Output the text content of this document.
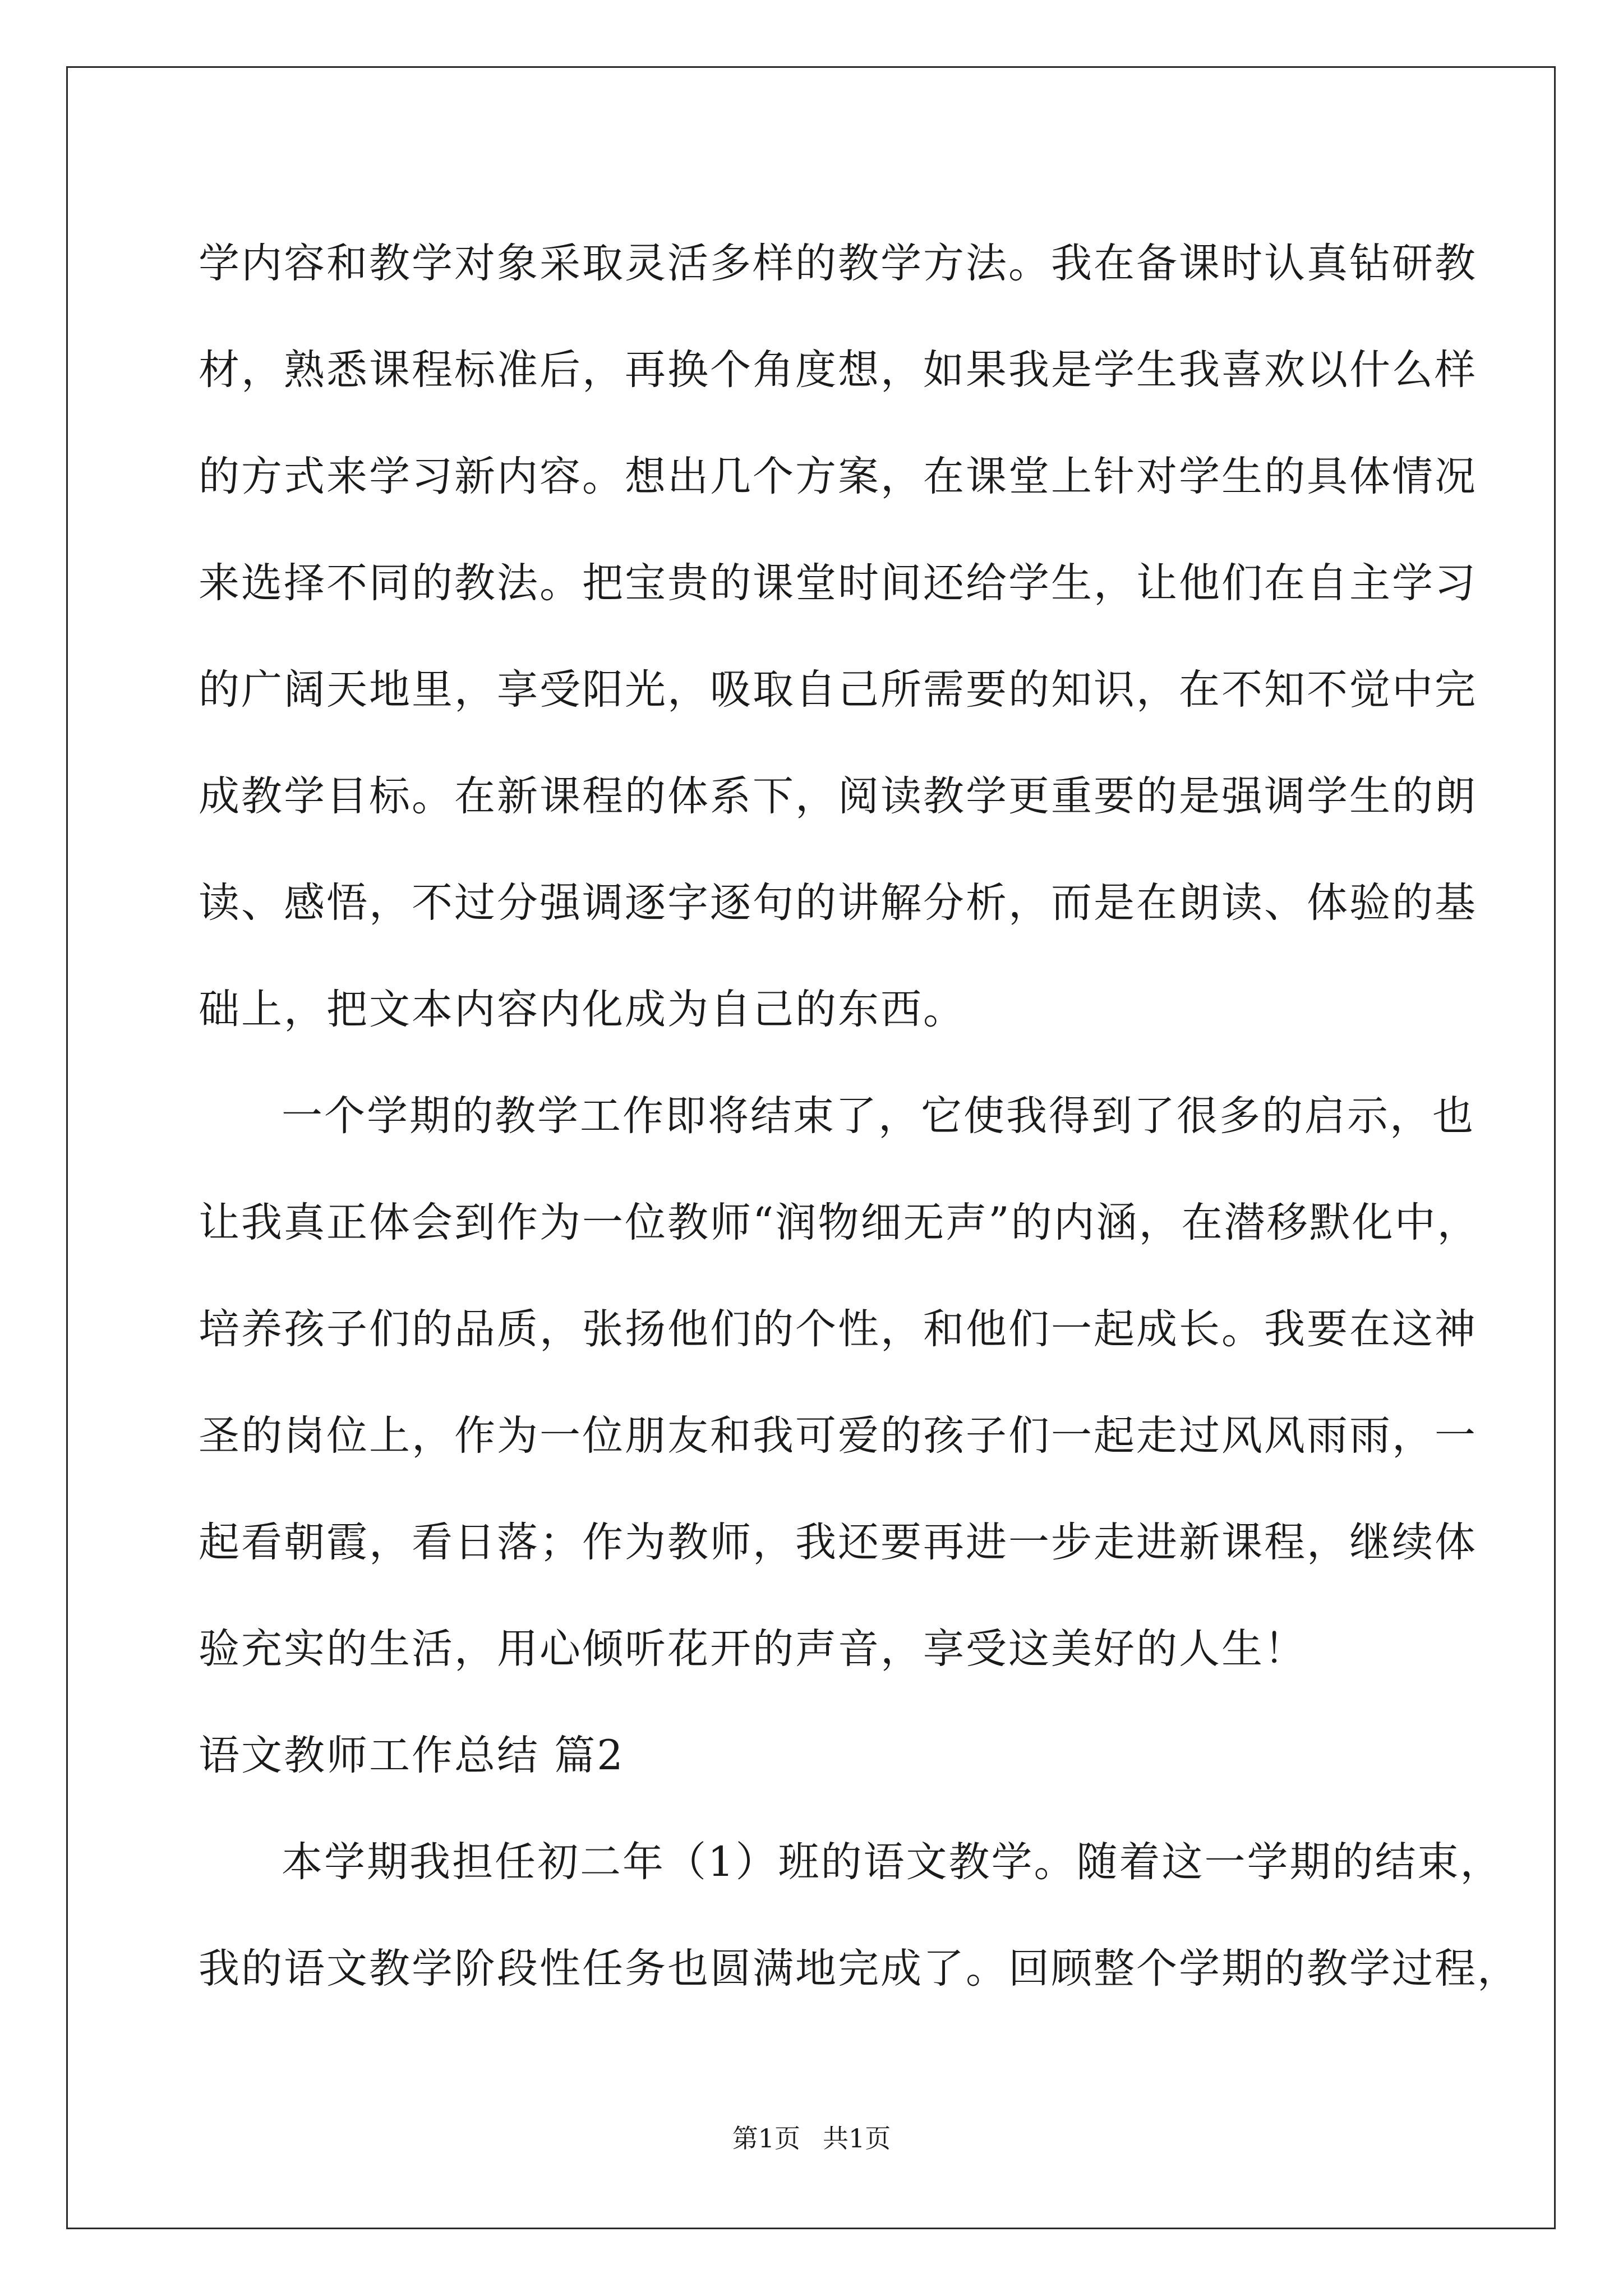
学内容和教学对象采取灵活多样的教学方法。我在备课时认真钻研教
材，熟悉课程标准后，再换个角度想，如果我是学生我喜欢以什么样
的方式来学习新内容。想出几个方案，在课堂上针对学生的具体情况
来选择不同的教法。把宝贵的课堂时间还给学生，让他们在自主学习
的广阔天地里，享受阳光，吸取自己所需要的知识，在不知不觉中完
成教学目标。在新课程的体系下，阅读教学更重要的是强调学生的朗
读、感悟，不过分强调逐字逐句的讲解分析，而是在朗读、体验的基
础上，把文本内容内化成为自己的东西。
一个学期的教学工作即将结束了，它使我得到了很多的启示，也
让我真正体会到作为一位教师“润物细无声”的内涵，在潜移默化中，
培养孩子们的品质，张扬他们的个性，和他们一起成长。我要在这神
圣的岗位上，作为一位朋友和我可爱的孩子们一起走过风风雨雨，一
起看朝霞，看日落；作为教师，我还要再进一步走进新课程，继续体
验充实的生活，用心倾听花开的声音，享受这美好的人生！
语文教师工作总结 篇2
本学期我担任初二年（1）班的语文教学。随着这一学期的结束，
我的语文教学阶段性任务也圆满地完成了。回顾整个学期的教学过程，
第1页 共1页
